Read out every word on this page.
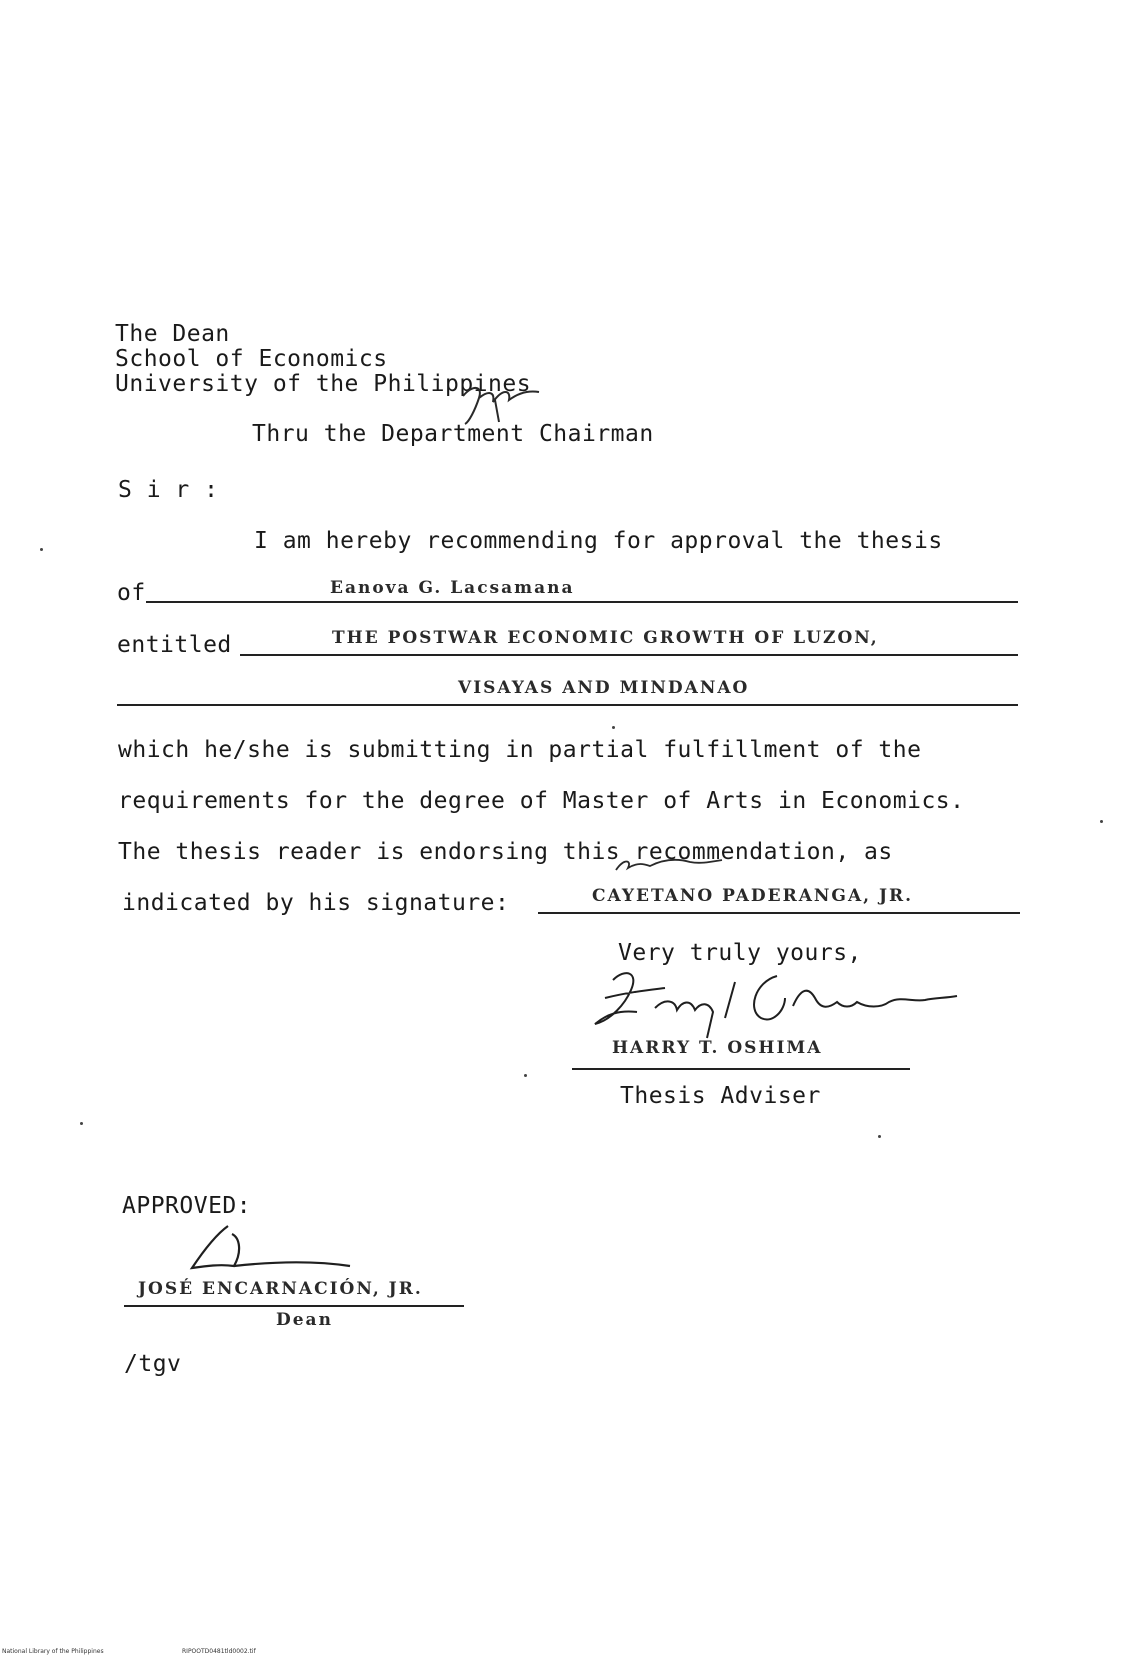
The Dean
School of Economics
University of the Philippines
Thru the Department Chairman
S i r :
I am hereby recommending for approval the thesis
of	Eanova G. Lacsamana
entitled	THE POSTWAR ECONOMIC GROWTH OF LUZON,
VISAYAS AND MINDANAO
which he/she is submitting in partial fulfillment of the
requirements for the degree of Master of Arts in Economics.
The thesis reader is endorsing this recommendation, as
indicated by his signature:	CAYETANO PADERANGA, JR.
Very truly yours,
HARRY T. OSHIMA
Thesis Adviser
APPROVED:
JOSÉ ENCARNACIÓN, JR.
Dean
/tgv
National Library of the Philippines	RIPOOTD0481tld0002.tif
